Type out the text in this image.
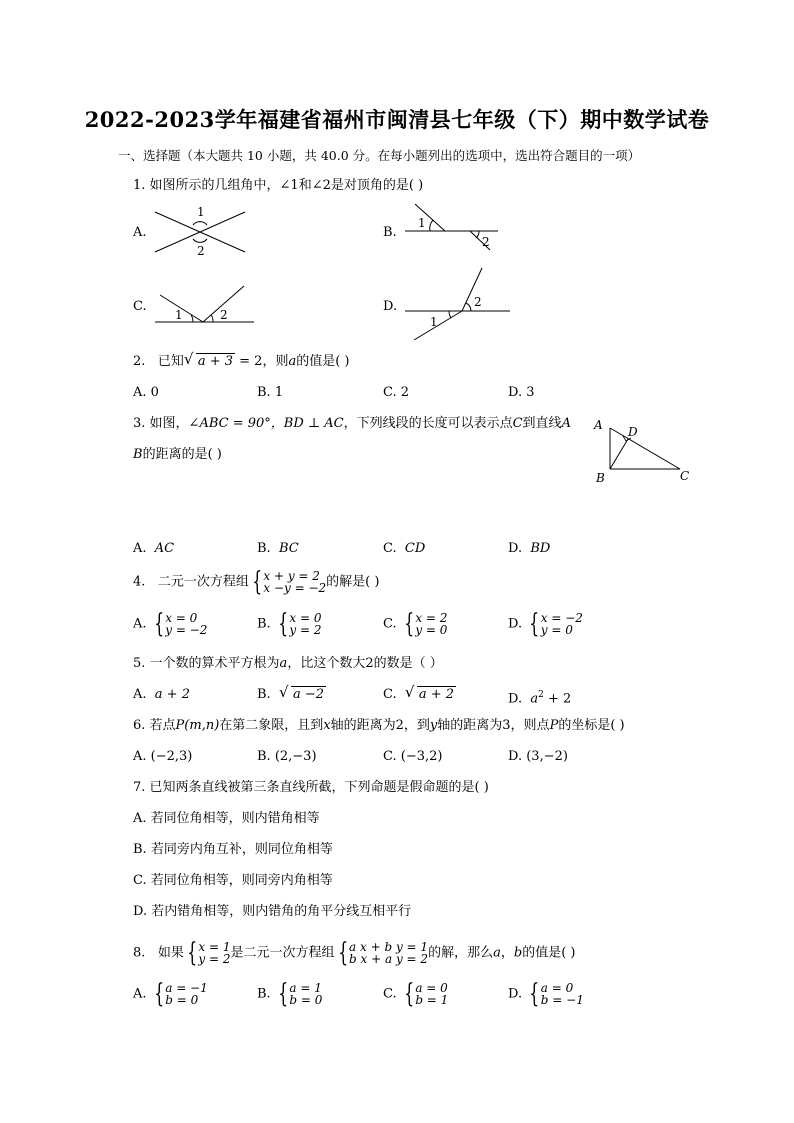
2022-2023学年福建省福州市闽清县七年级（下）期中数学试卷
一、选择题（本大题共 10 小题，共 40.0 分。在每小题列出的选项中，选出符合题目的一项）
1. 如图所示的几组角中，∠1和∠2是对顶角的是( )
A.
1
2
B.
1
2
C.
1	2
D.
1
2
2. 已知 √ a + 3 = 2，则a的值是( )
A. 0	B. 1	C. 2	D. 3
3. 如图，∠ABC = 90°，BD ⊥ AC，下列线段的长度可以表示点C到直线A
B的距离的是( )
A D
B	C
A. AC	B. BC	C. CD	D. BD
4. 二元一次方程组 { x + y = 2
x −y = −2 的解是( )
A. { x = 0
y = −2	B. { x = 0
y = 2	C. { x = 2
y = 0	D. { x = −2
y = 0
5. 一个数的算术平方根为a，比这个数大2的数是（ ）
A. a + 2	B. √ a −2	C. √ a + 2	D. $a^2 + 2$
6. 若点P(m,n)在第二象限，且到x轴的距离为2，到y轴的距离为3，则点P的坐标是( )
A. (−2,3)	B. (2,−3)	C. (−3,2)	D. (3,−2)
7. 已知两条直线被第三条直线所截，下列命题是假命题的是( )
A. 若同位角相等，则内错角相等
B. 若同旁内角互补，则同位角相等
C. 若同位角相等，则同旁内角相等
D. 若内错角相等，则内错角的角平分线互相平行
8. 如果 { x = 1
y = 2 是二元一次方程组 { a x + b y = 1
b x + a y = 2 的解，那么a，b的值是( )
A. { a = −1
b = 0	B. { a = 1
b = 0	C. { a = 0
b = 1	D. { a = 0
b = −1
